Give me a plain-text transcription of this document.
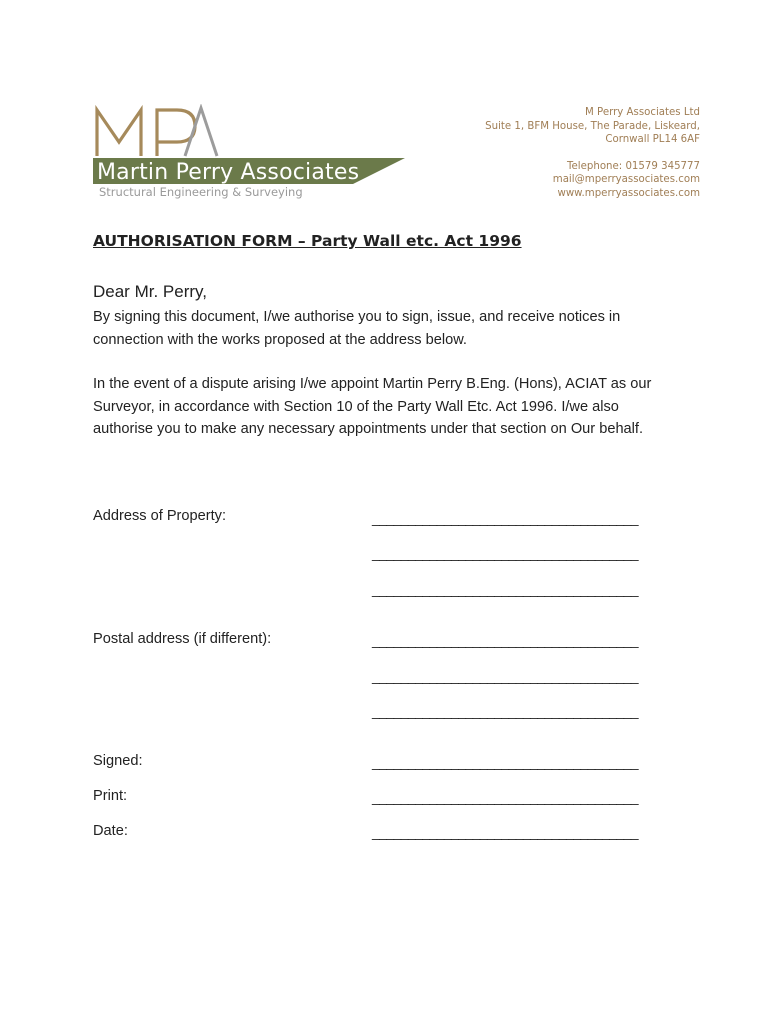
Martin Perry Associates
Structural Engineering & Surveying
M Perry Associates Ltd
Suite 1, BFM House, The Parade, Liskeard,
Cornwall PL14 6AF
Telephone: 01579 345777
mail@mperryassociates.com
www.mperryassociates.com
AUTHORISATION FORM – Party Wall etc. Act 1996
Dear Mr. Perry,
By signing this document, I/we authorise you to sign, issue, and receive notices in connection with the works proposed at the address below.
In the event of a dispute arising I/we appoint Martin Perry B.Eng. (Hons), ACIAT as our Surveyor, in accordance with Section 10 of the Party Wall Etc. Act 1996. I/we also authorise you to make any necessary appointments under that section on Our behalf.
Address of Property:	_____________________________________
_____________________________________
_____________________________________
Postal address (if different):	_____________________________________
_____________________________________
_____________________________________
Signed:	_____________________________________
Print:	_____________________________________
Date:	_____________________________________
